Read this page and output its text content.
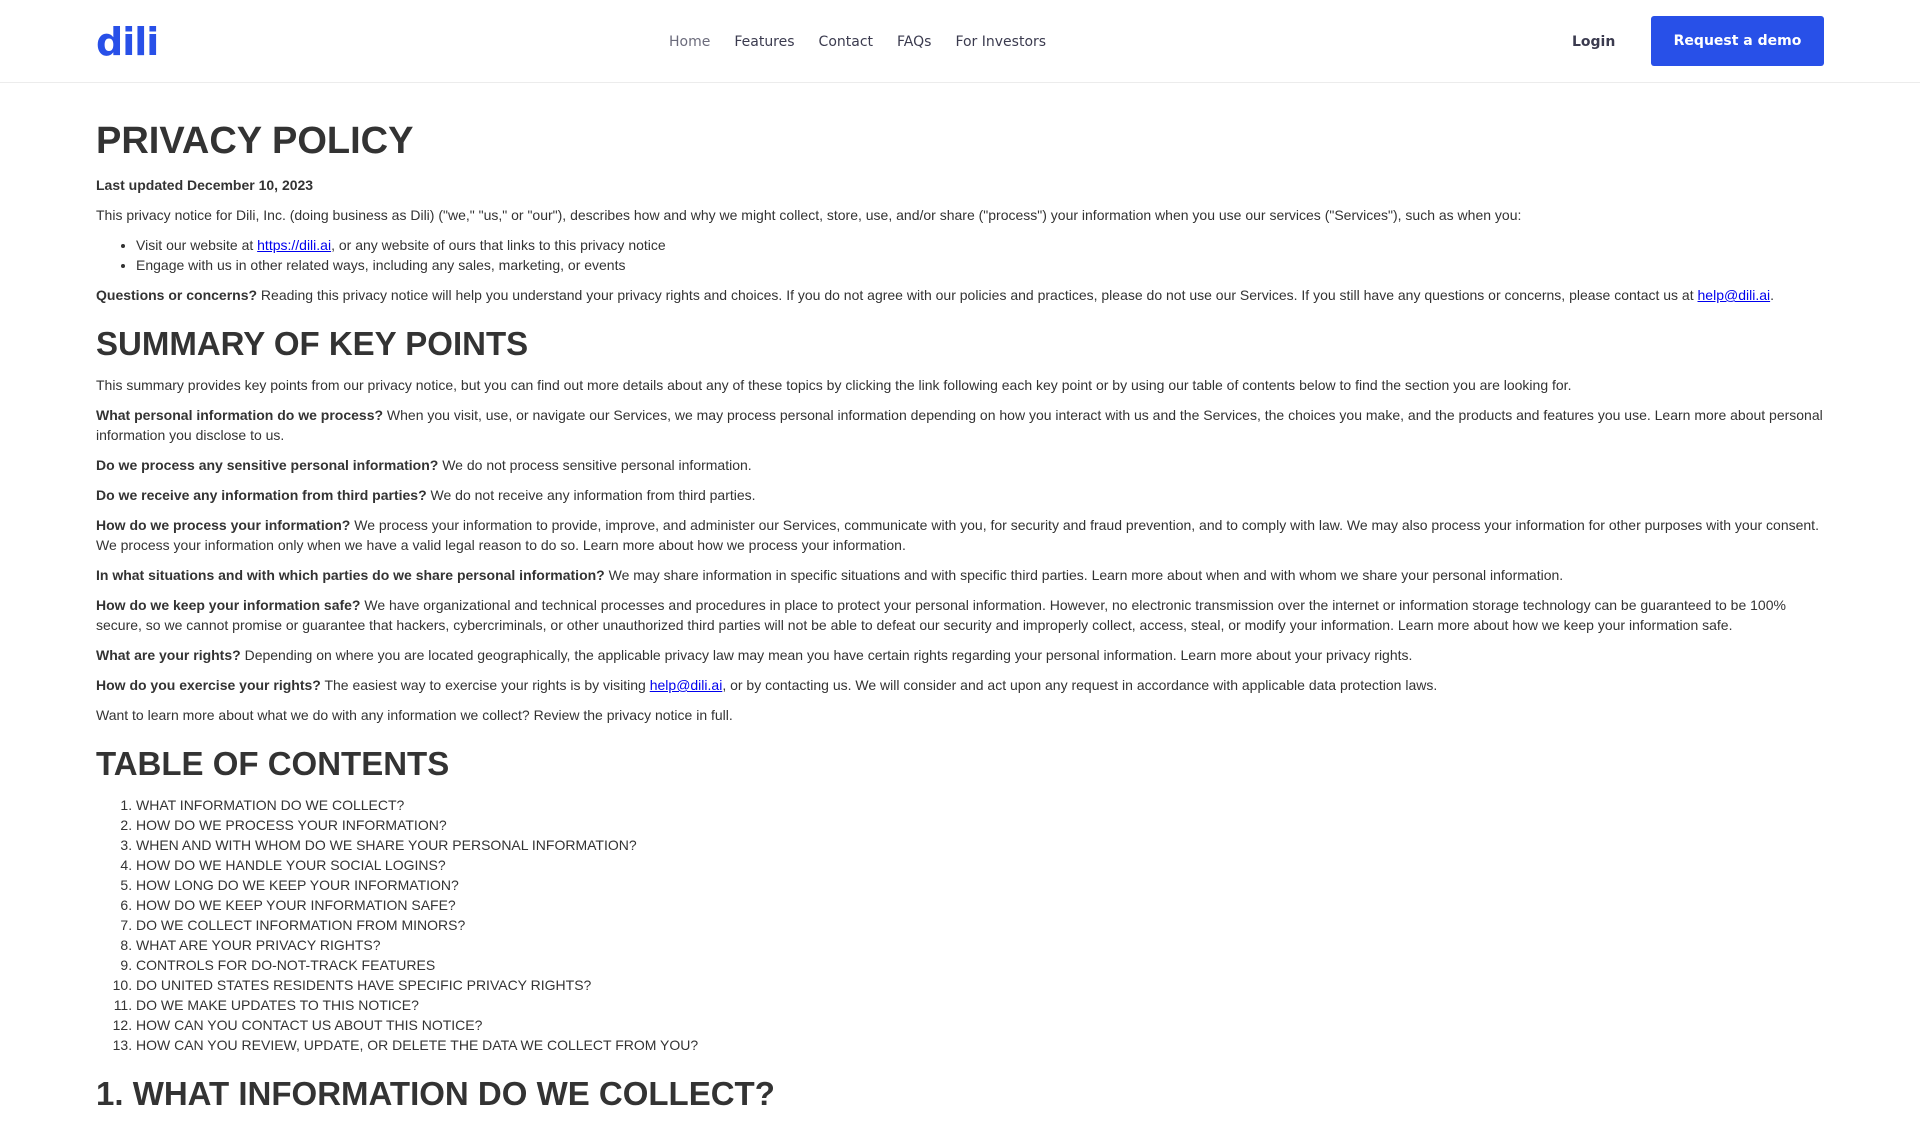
dili	Home Features Contact FAQs For Investors	Login	Request a demo
PRIVACY POLICY

Last updated December 10, 2023

This privacy notice for Dili, Inc. (doing business as Dili) ("we," "us," or "our"), describes how and why we might collect, store, use, and/or share ("process") your information when you use our services ("Services"), such as when you:

• Visit our website at https://dili.ai, or any website of ours that links to this privacy notice
• Engage with us in other related ways, including any sales, marketing, or events

Questions or concerns? Reading this privacy notice will help you understand your privacy rights and choices. If you do not agree with our policies and practices, please do not use our Services. If you still have any questions or concerns, please contact us at help@dili.ai.

SUMMARY OF KEY POINTS

This summary provides key points from our privacy notice, but you can find out more details about any of these topics by clicking the link following each key point or by using our table of contents below to find the section you are looking for.

What personal information do we process? When you visit, use, or navigate our Services, we may process personal information depending on how you interact with us and the Services, the choices you make, and the products and features you use. Learn more about personal information you disclose to us.

Do we process any sensitive personal information? We do not process sensitive personal information.

Do we receive any information from third parties? We do not receive any information from third parties.

How do we process your information? We process your information to provide, improve, and administer our Services, communicate with you, for security and fraud prevention, and to comply with law. We may also process your information for other purposes with your consent. We process your information only when we have a valid legal reason to do so. Learn more about how we process your information.

In what situations and with which parties do we share personal information? We may share information in specific situations and with specific third parties. Learn more about when and with whom we share your personal information.

How do we keep your information safe? We have organizational and technical processes and procedures in place to protect your personal information. However, no electronic transmission over the internet or information storage technology can be guaranteed to be 100% secure, so we cannot promise or guarantee that hackers, cybercriminals, or other unauthorized third parties will not be able to defeat our security and improperly collect, access, steal, or modify your information. Learn more about how we keep your information safe.

What are your rights? Depending on where you are located geographically, the applicable privacy law may mean you have certain rights regarding your personal information. Learn more about your privacy rights.

How do you exercise your rights? The easiest way to exercise your rights is by visiting help@dili.ai, or by contacting us. We will consider and act upon any request in accordance with applicable data protection laws.

Want to learn more about what we do with any information we collect? Review the privacy notice in full.

TABLE OF CONTENTS
1. WHAT INFORMATION DO WE COLLECT?
2. HOW DO WE PROCESS YOUR INFORMATION?
3. WHEN AND WITH WHOM DO WE SHARE YOUR PERSONAL INFORMATION?
4. HOW DO WE HANDLE YOUR SOCIAL LOGINS?
5. HOW LONG DO WE KEEP YOUR INFORMATION?
6. HOW DO WE KEEP YOUR INFORMATION SAFE?
7. DO WE COLLECT INFORMATION FROM MINORS?
8. WHAT ARE YOUR PRIVACY RIGHTS?
9. CONTROLS FOR DO-NOT-TRACK FEATURES
10. DO UNITED STATES RESIDENTS HAVE SPECIFIC PRIVACY RIGHTS?
11. DO WE MAKE UPDATES TO THIS NOTICE?
12. HOW CAN YOU CONTACT US ABOUT THIS NOTICE?
13. HOW CAN YOU REVIEW, UPDATE, OR DELETE THE DATA WE COLLECT FROM YOU?
1. WHAT INFORMATION DO WE COLLECT?
